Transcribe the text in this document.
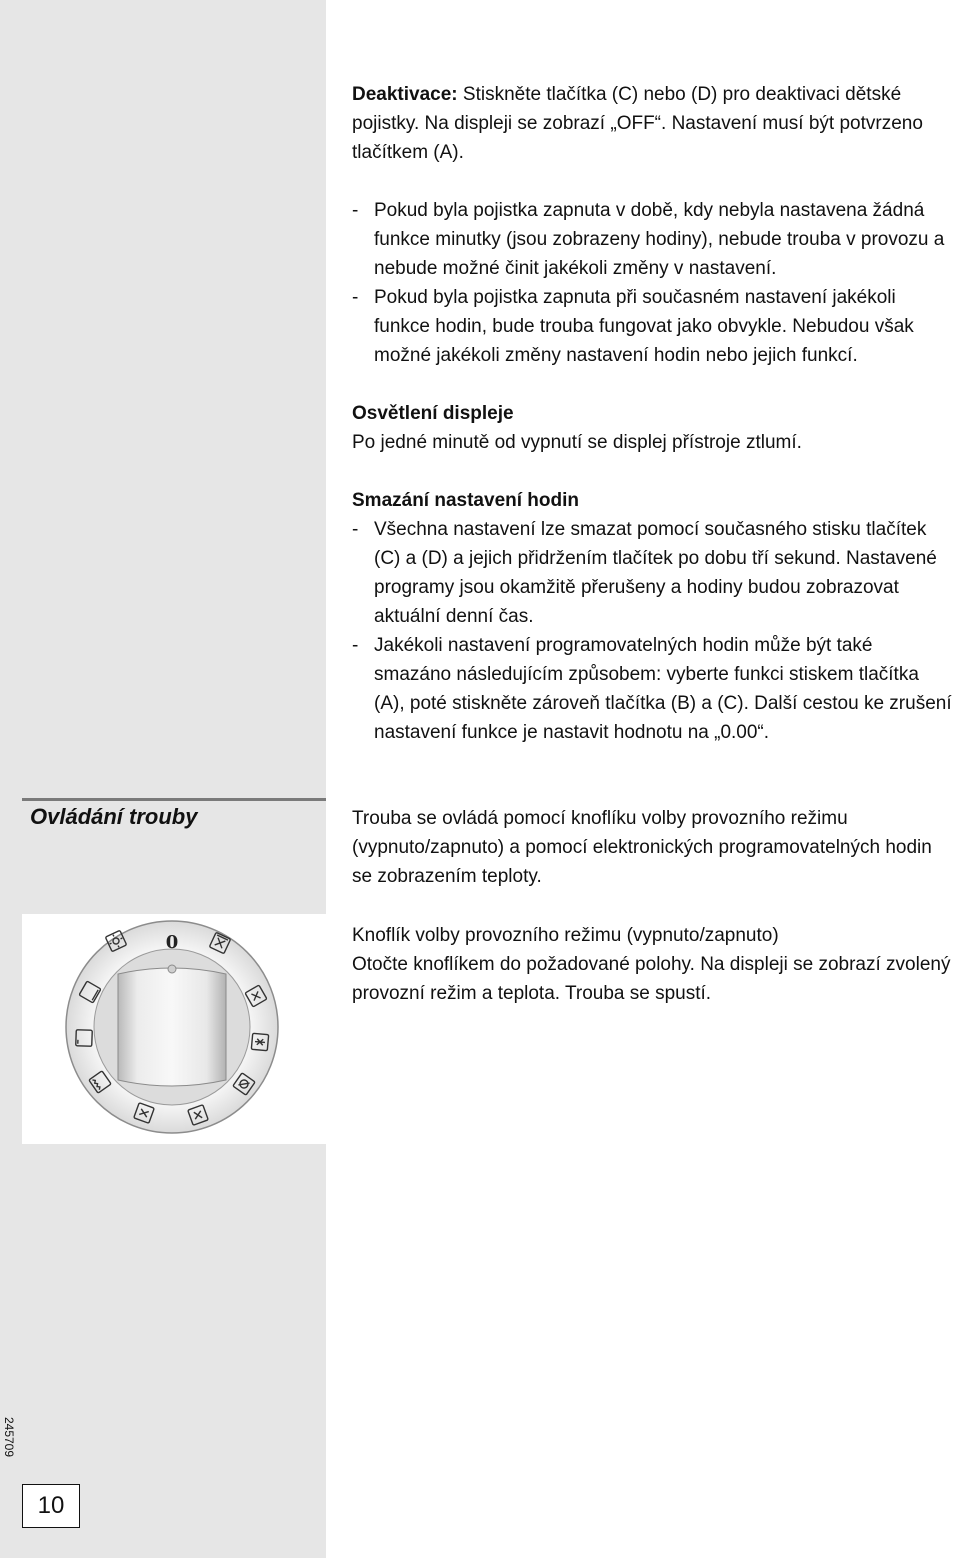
Ovládání trouby
0
245709
10

Deaktivace: Stiskněte tlačítka (C) nebo (D) pro deaktivaci dětské pojistky. Na displeji se zobrazí „OFF“. Nastavení musí být potvrzeno tlačítkem (A).

- Pokud byla pojistka zapnuta v době, kdy nebyla nastavena žádná funkce minutky (jsou zobrazeny hodiny), nebude trouba v provozu a nebude možné činit jakékoli změny v nastavení.

- Pokud byla pojistka zapnuta při současném nastavení jakékoli funkce hodin, bude trouba fungovat jako obvykle. Nebudou však možné jakékoli změny nastavení hodin nebo jejich funkcí.

Osvětlení displeje

Po jedné minutě od vypnutí se displej přístroje ztlumí.

Smazání nastavení hodin

- Všechna nastavení lze smazat pomocí současného stisku tlačítek (C) a (D) a jejich přidržením tlačítek po dobu tří sekund. Nastavené programy jsou okamžitě přerušeny a hodiny budou zobrazovat aktuální denní čas.

- Jakékoli nastavení programovatelných hodin může být také smazáno následujícím způsobem: vyberte funkci stiskem tlačítka (A), poté stiskněte zároveň tlačítka (B) a (C). Další cestou ke zrušení nastavení funkce je nastavit hodnotu na „0.00“.

Trouba se ovládá pomocí knoflíku volby provozního režimu (vypnuto/zapnuto) a pomocí elektronických programovatelných hodin se zobrazením teploty.

Knoflík volby provozního režimu (vypnuto/zapnuto)

Otočte knoflíkem do požadované polohy. Na displeji se zobrazí zvolený provozní režim a teplota. Trouba se spustí.
